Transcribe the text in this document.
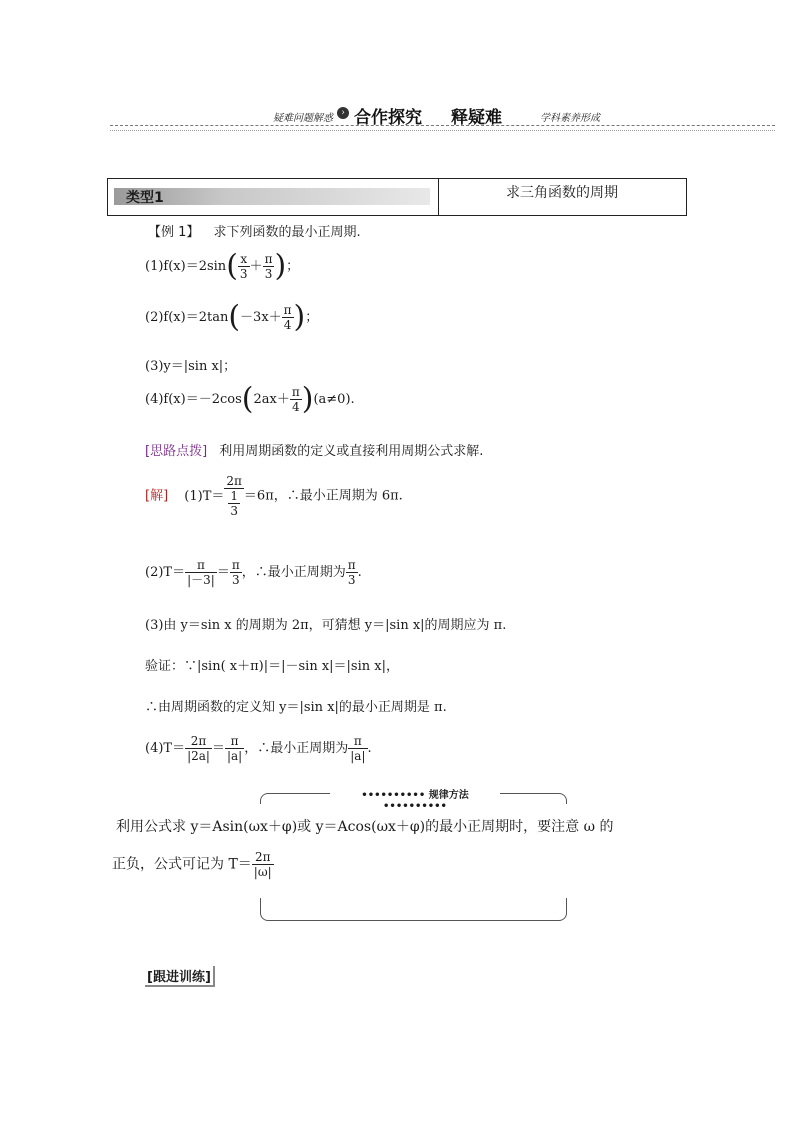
疑难问题解惑 合作探究
›	释疑难	学科素养形成
类型1	求三角函数的周期
【例 1】 求下列函数的最小正周期.
$(1)f(x)=2\sin( \frac{x}{3} + \frac{\pi}{3}$ )；
$(2)f(x)=2\tan(-3x+ \frac{\pi}{4}$ )；
(3)y＝|sin x|；
$(4)f(x)=-2\cos(2ax+ \frac{\pi}{4} )(a\ne 0)$.
[思路点拨] 利用周期函数的定义或直接利用周期公式求解.
[解] $(1)T= \frac{2\pi}{\frac{1}{3}} =6\pi$，∴最小正周期为 6π.
$(2)T= \frac{\pi}{|-3|} = \frac{\pi}{3}$ ，∴最小正周期为 $\frac{\pi}{3}$ .
(3)由 y＝sin x 的周期为 2π，可猜想 y＝|sin x|的周期应为 π.
验证：∵|sin( x＋π)|＝|－sin x|＝|sin x|，
∴由周期函数的定义知 y＝|sin x|的最小正周期是 π.
$(4)T= \frac{2\pi}{|2a|} = \frac{\pi}{|a|}$ ，∴最小正周期为 $\frac{\pi}{|a|}$ .
•••••••••• 规律方法 ••••••••••
利用公式求 y＝Asin(ωx＋φ)或 y＝Acos(ωx＋φ)的最小正周期时，要注意 ω 的
正负，公式可记为 $T= \frac{2\pi}{|\omega|}$
[跟进训练]
